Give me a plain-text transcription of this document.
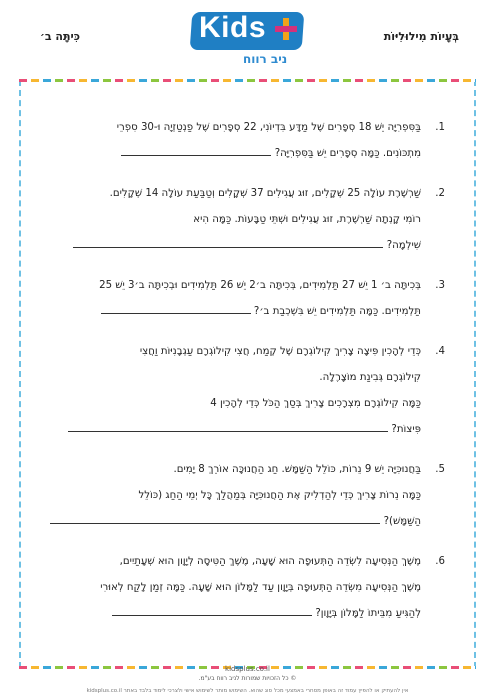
בְּעָיוֹת מִילוּלִיּוֹת
כִּיתָּה ב׳	Kids
ניב רווח
1.
בַּסִּפְרִיָּה יֵשׁ 18 סְפָרִים שֶׁל מַדָּע בִּדְיוֹנִי, 22 סְפָרִים שֶׁל פַנְטַזְיָה וּ-30 סִפְרֵי
מִתְכּוֹנִים. כַּמָּה סְפָרִים יֵשׁ בַּסִּפְרִיָּה?
2.
שַׁרְשֶׁרֶת עוֹלָה 25 שְׁקָלִים, זוּג עֲגִילִים 37 שְׁקָלִים וְטַבַּעַת עוֹלָה 14 שְׁקָלִים.
רוֹמִי קָנְתָה שַׁרְשֶׁרֶת, זוּג עֲגִילִים וּשְׁתֵּי טַבָּעוֹת. כַּמָּה הִיא
שִׁילְמָה?
3.
בְּכִיתָּה ב׳ 1 יֵשׁ 27 תַּלְמִידִים, בְּכִיתָּה ב׳2 יֵשׁ 26 תַּלְמִידִים וּבְכִיתָּה ב׳3 יֵשׁ 25
תַּלְמִידִים. כַּמָּה תַּלְמִידִים יֵשׁ בִּשְׁכְבַת ב׳?
4.
כְּדֵי לְהָכִין פִּיצָה צָרִיךְ קִילוֹגְרָם שֶׁל קֶמַח, חֲצִי קִילוֹגְרָם עַגְבָנִיּוֹת וַחֲצִי
קִילוֹגְרָם גְּבִינַת מוֹצָרֶלָה.
כַּמָּה קִילוֹגְרָם מִצְרָכִים צָרִיךְ בְּסַךְ הַכֹּל כְּדֵי לְהָכִין 4
פִּיצוֹת?
5.
בַּחֲנוּכִּיָּה יֵשׁ 9 נֵרוֹת, כּוֹלֵל הַשַּׁמָּשׁ. חַג הַחֲנוּכָּה אוֹרֵךְ 8 יָמִים.
כַּמָּה נֵרוֹת צָרִיךְ כְּדֵי לְהַדְלִיק אֶת הַחֲנוּכִּיָּה בְּמַהֲלַךְ כָּל יְמֵי הַחַג (כּוֹלֵל
הַשַּׁמָּשׁ)?
6.
מֶשֶׁךְ הַנְּסִיעָה לִשְׂדֵה הַתְּעוּפָה הוּא שָׁעָה, מֶשֶׁךְ הַטִּיסָה לְיָוָון הוּא שְׁעָתַיִים,
מֶשֶׁךְ הַנְּסִיעָה מִשְּׂדֵה הַתְּעוּפָה בְּיָוָון עַד לַמָּלוֹן הוּא שָׁעָה. כַּמָּה זְמַן לָקַח לְאוּרִי
לְהַגִּיעַ מִבֵּיתוֹ לַמָּלוֹן בְּיָוָון?
kidsplus.co.il
© כל הזכויות שמורות לניב רווח בע"מ.
אין להעתיק או להפיץ עמוד זה באופן מסחרי באמצעי מכל סוג שהוא. השימוש מותר לשימוש אישי ולצרכי לימוד בלבד באתר kidsplus.co.il
